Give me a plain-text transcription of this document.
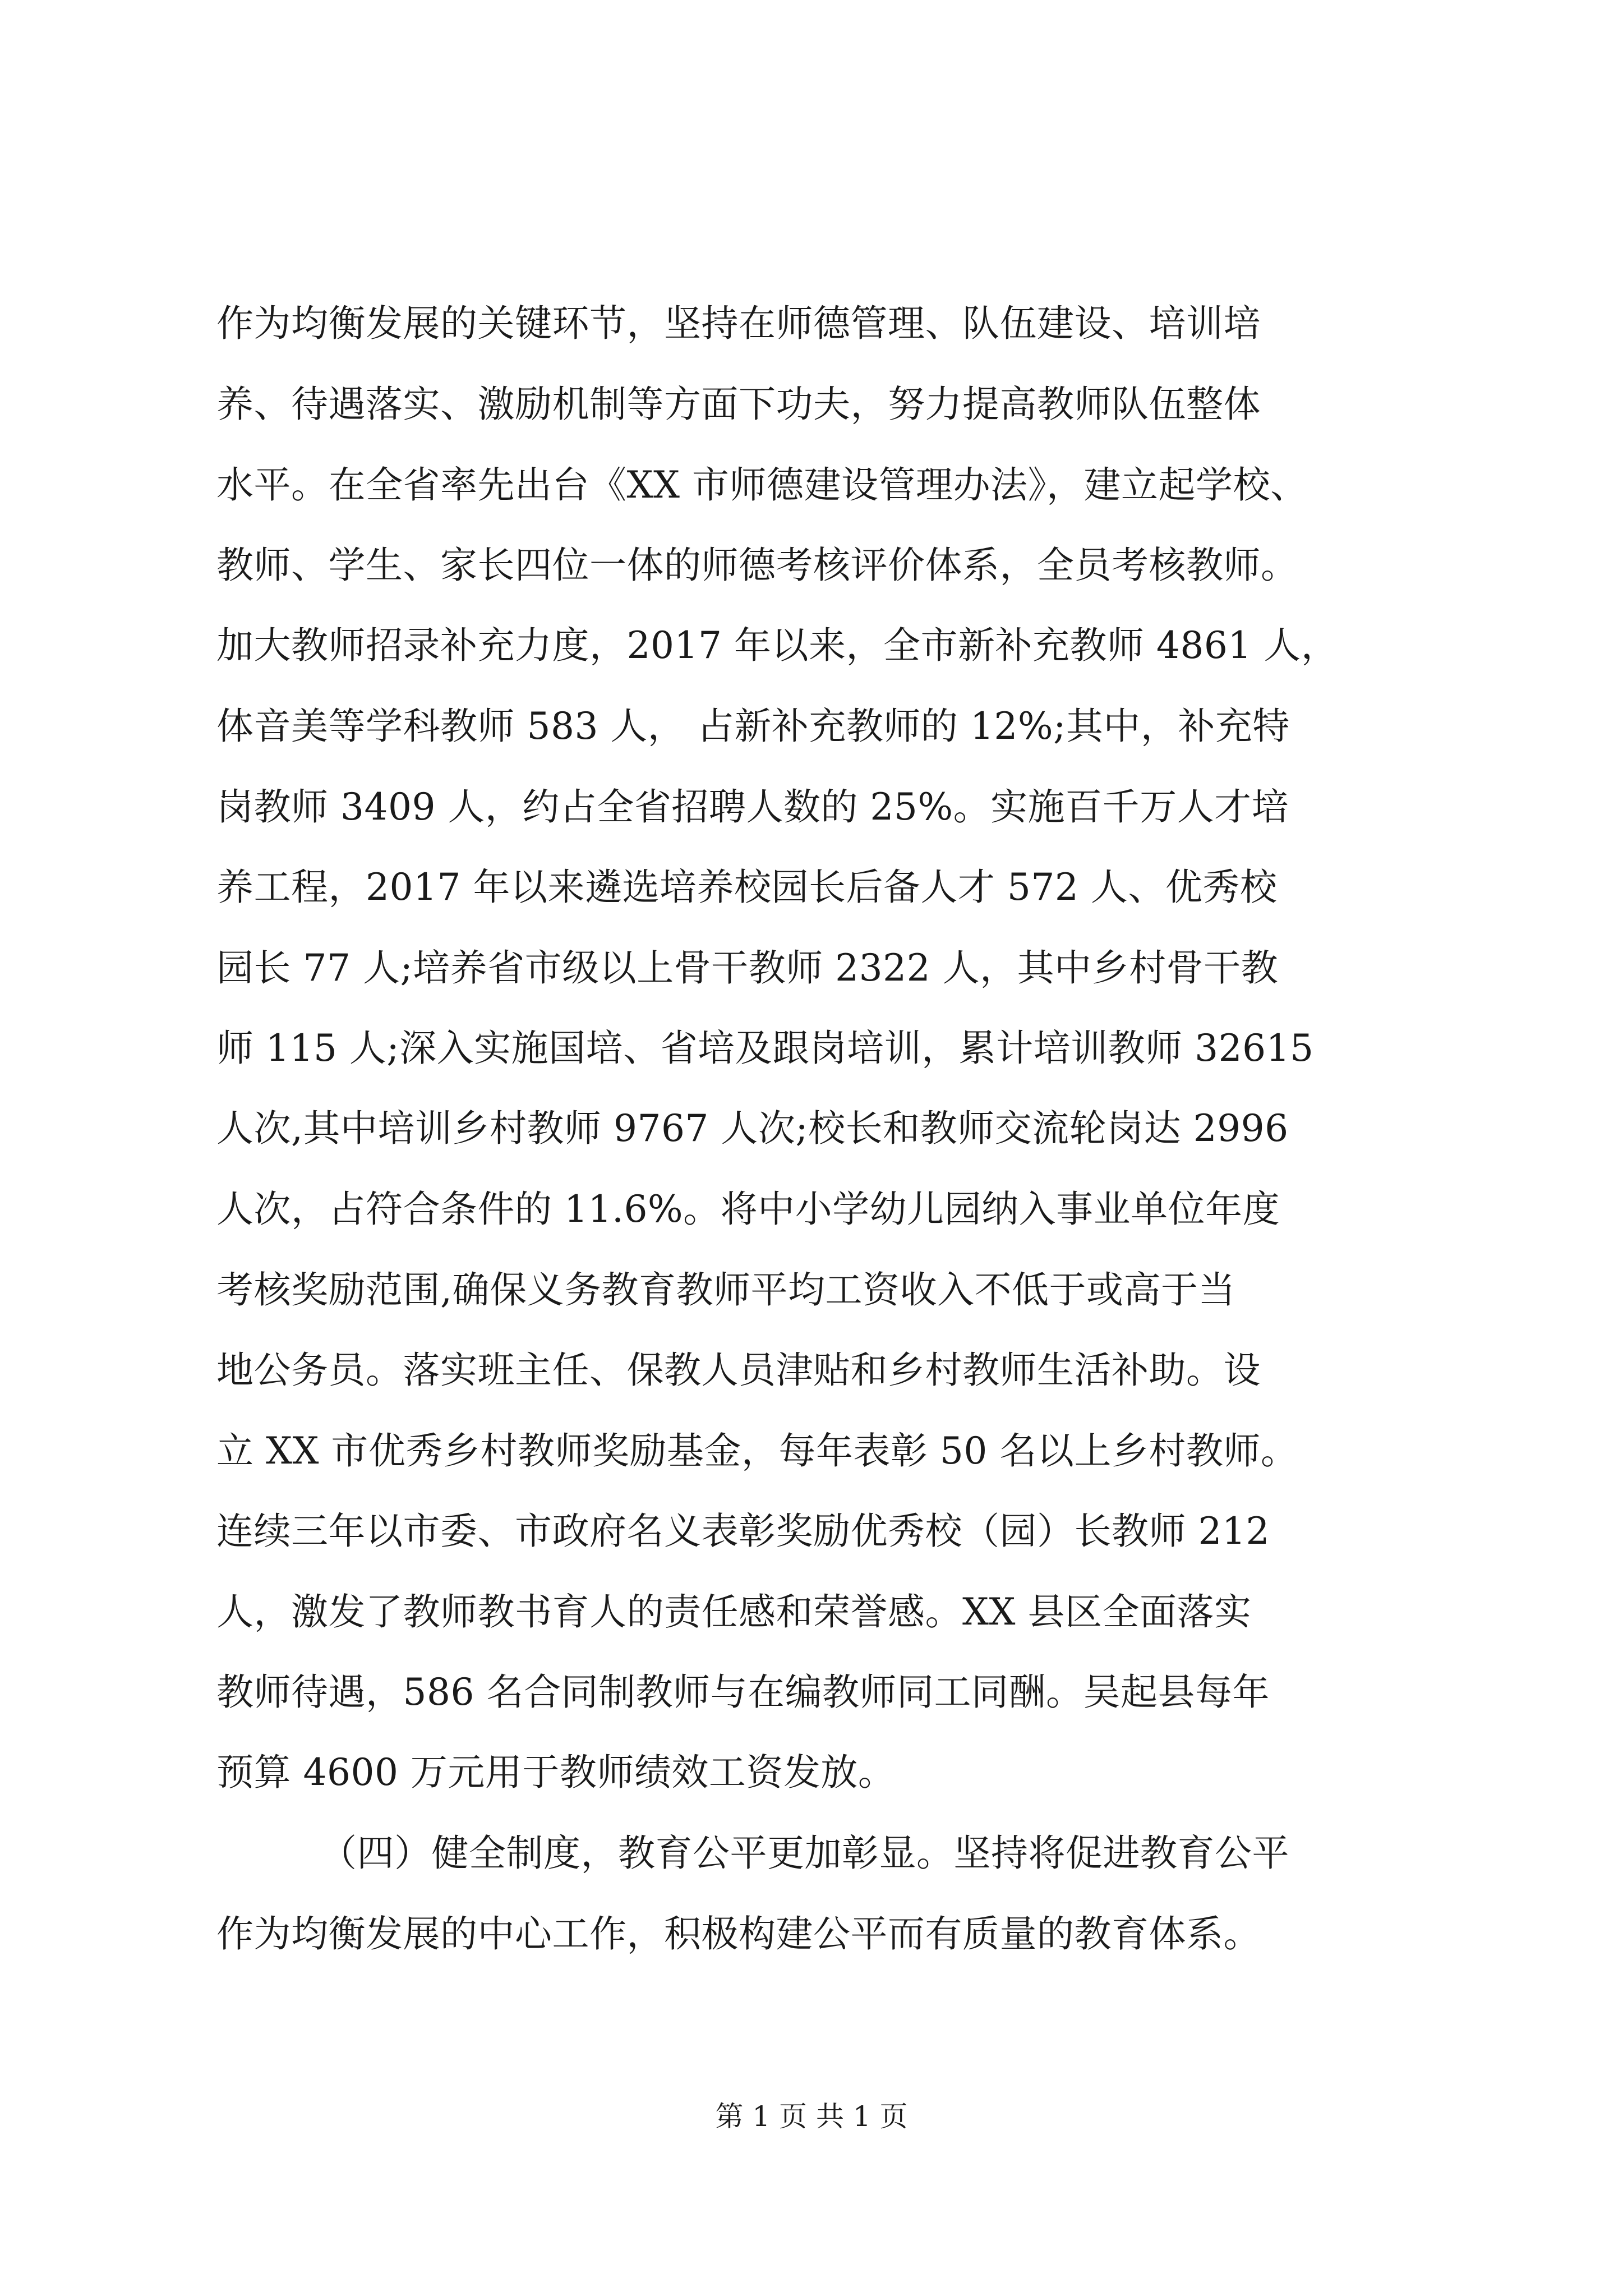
作为均衡发展的关键环节，坚持在师德管理、队伍建设、培训培
养、待遇落实、激励机制等方面下功夫，努力提高教师队伍整体
水平。在全省率先出台《XX 市师德建设管理办法》，建立起学校、
教师、学生、家长四位一体的师德考核评价体系，全员考核教师。
加大教师招录补充力度，2017 年以来，全市新补充教师 4861 人，
体音美等学科教师 583 人， 占新补充教师的 12%;其中，补充特
岗教师 3409 人，约占全省招聘人数的 25%。实施百千万人才培
养工程，2017 年以来遴选培养校园长后备人才 572 人、优秀校
园长 77 人;培养省市级以上骨干教师 2322 人，其中乡村骨干教
师 115 人;深入实施国培、省培及跟岗培训，累计培训教师 32615
人次,其中培训乡村教师 9767 人次;校长和教师交流轮岗达 2996
人次，占符合条件的 11.6%。将中小学幼儿园纳入事业单位年度
考核奖励范围,确保义务教育教师平均工资收入不低于或高于当
地公务员。落实班主任、保教人员津贴和乡村教师生活补助。设
立 XX 市优秀乡村教师奖励基金，每年表彰 50 名以上乡村教师。
连续三年以市委、市政府名义表彰奖励优秀校（园）长教师 212
人，激发了教师教书育人的责任感和荣誉感。XX 县区全面落实
教师待遇，586 名合同制教师与在编教师同工同酬。吴起县每年
预算 4600 万元用于教师绩效工资发放。
（四）健全制度，教育公平更加彰显。坚持将促进教育公平
作为均衡发展的中心工作，积极构建公平而有质量的教育体系。
第 1 页 共 1 页
